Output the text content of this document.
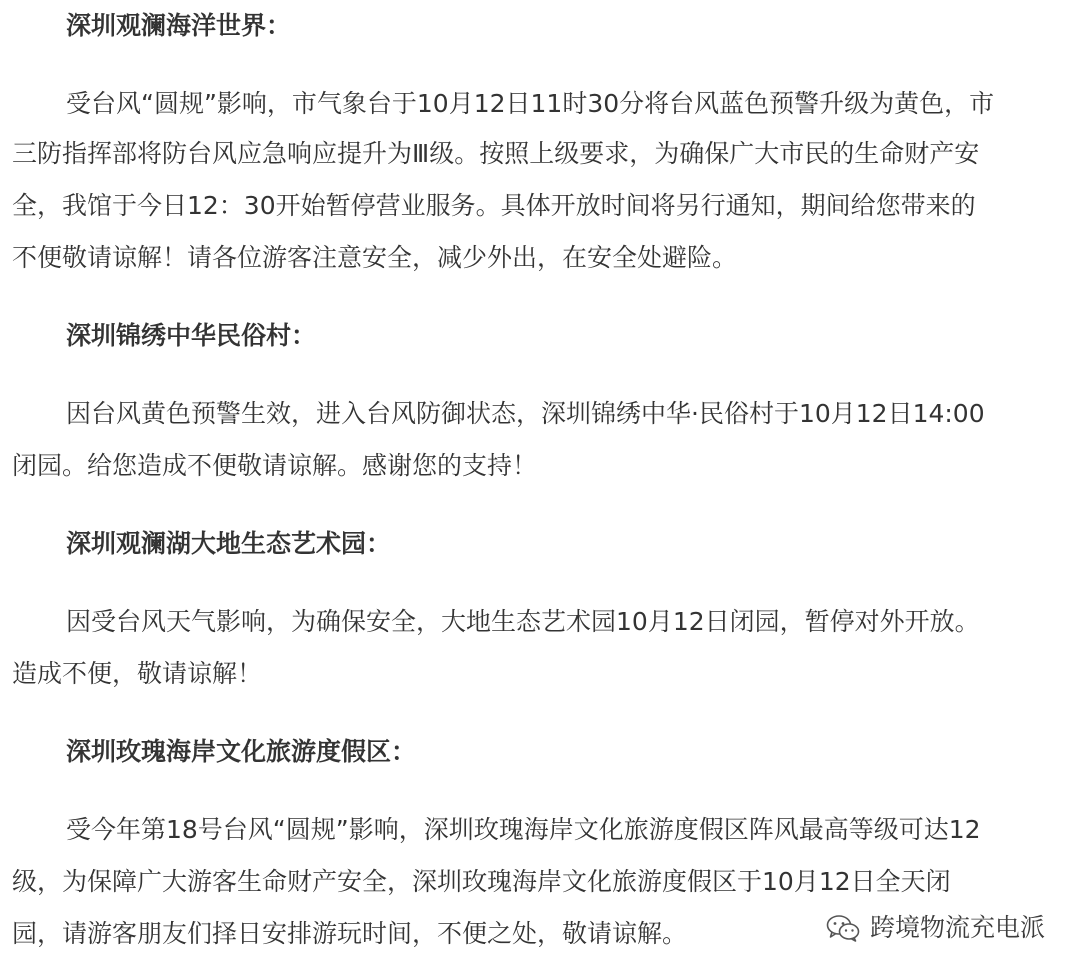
深圳观澜海洋世界：
受台风“圆规”影响，市气象台于10月12日11时30分将台风蓝色预警升级为黄色，市
三防指挥部将防台风应急响应提升为Ⅲ级。按照上级要求，为确保广大市民的生命财产安
全，我馆于今日12：30开始暂停营业服务。具体开放时间将另行通知，期间给您带来的
不便敬请谅解！请各位游客注意安全，减少外出，在安全处避险。
深圳锦绣中华民俗村：
因台风黄色预警生效，进入台风防御状态，深圳锦绣中华·民俗村于10月12日14:00
闭园。给您造成不便敬请谅解。感谢您的支持！
深圳观澜湖大地生态艺术园：
因受台风天气影响，为确保安全，大地生态艺术园10月12日闭园，暂停对外开放。
造成不便，敬请谅解！
深圳玫瑰海岸文化旅游度假区：
受今年第18号台风“圆规”影响，深圳玫瑰海岸文化旅游度假区阵风最高等级可达12
级，为保障广大游客生命财产安全，深圳玫瑰海岸文化旅游度假区于10月12日全天闭
园，请游客朋友们择日安排游玩时间，不便之处，敬请谅解。	跨境物流充电派
